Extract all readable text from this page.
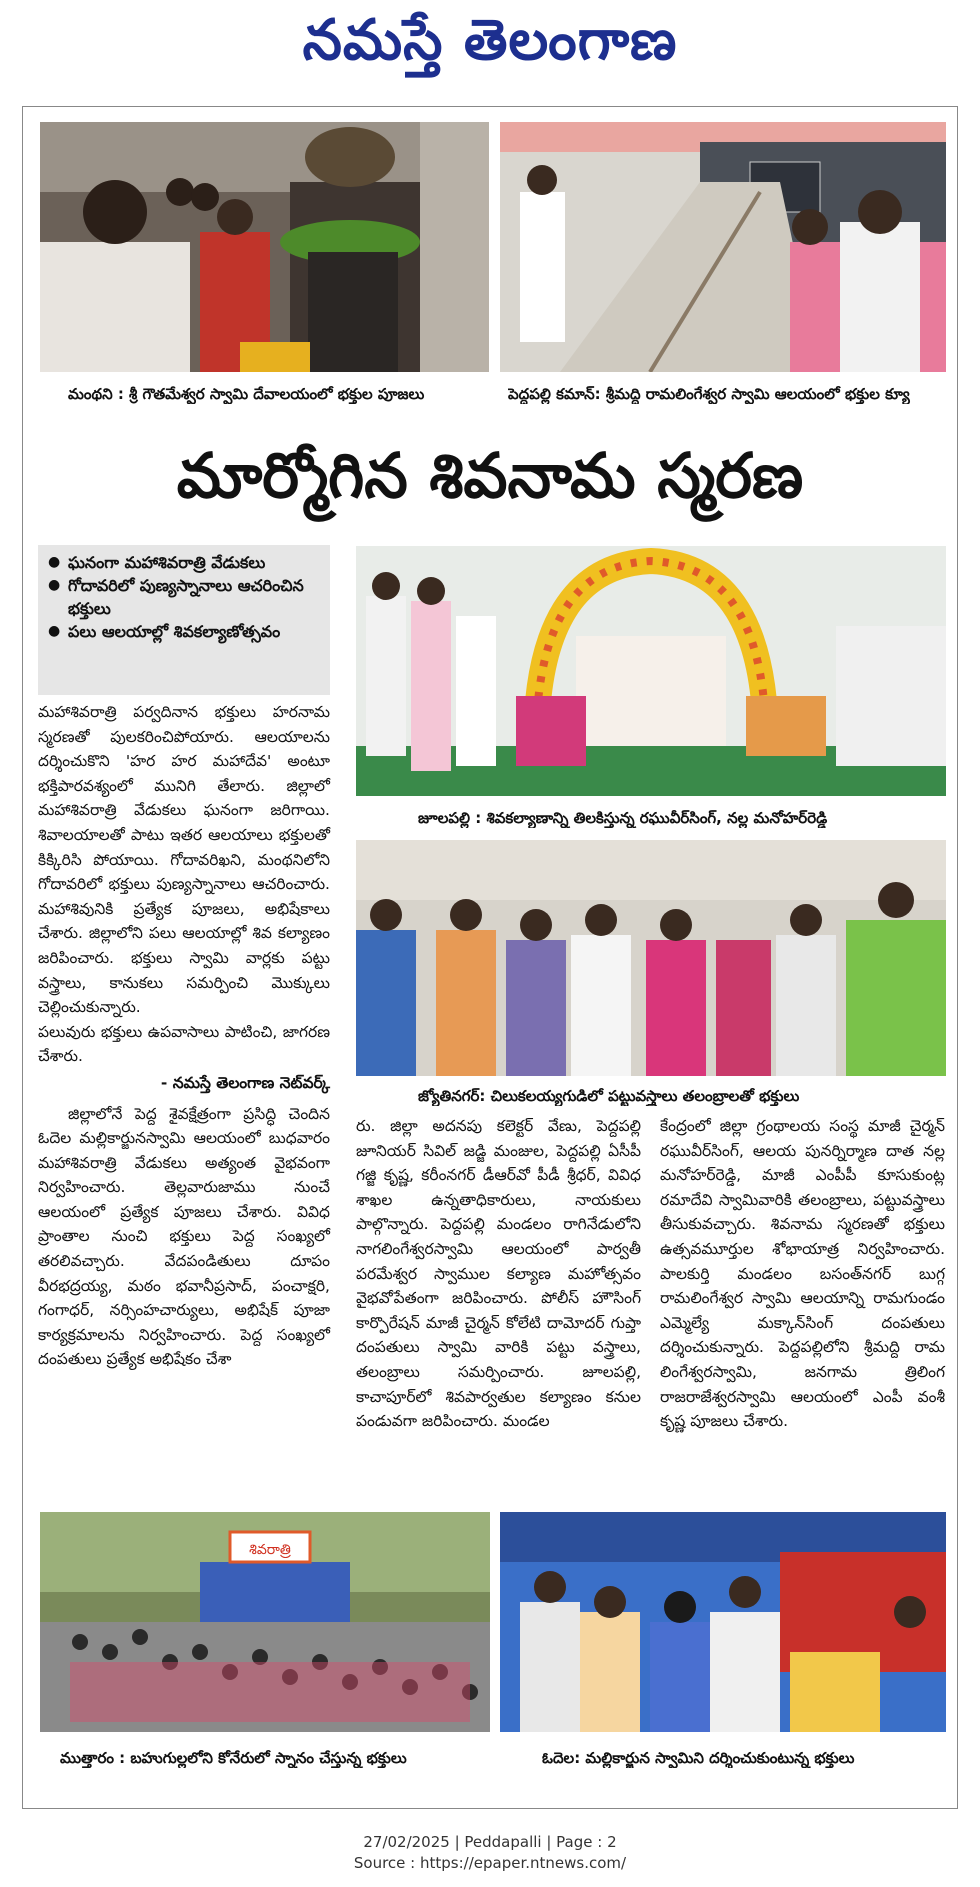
నమస్తే తెలంగాణ
మంథని : శ్రీ గౌతమేశ్వర స్వామి దేవాలయంలో భక్తుల పూజలు	పెద్దపల్లి కమాన్: శ్రీమద్ది రామలింగేశ్వర స్వామి ఆలయంలో భక్తుల క్యూ
మార్మోగిన శివనామ స్మరణ
● ఘనంగా మహాశివరాత్రి వేడుకలు
● గోదావరిలో పుణ్యస్నానాలు ఆచరించిన భక్తులు
● పలు ఆలయాల్లో శివకల్యాణోత్సవం
జూలపల్లి : శివకల్యాణాన్ని తిలకిస్తున్న రఘువీర్‌సింగ్, నల్ల మనోహర్‌రెడ్డి
జ్యోతినగర్: చిలుకలయ్యగుడిలో పట్టువస్త్రాలు తలంబ్రాలతో భక్తులు

మహాశివరాత్రి పర్వదినాన భక్తులు హరనామ స్మరణతో పులకరించిపోయారు. ఆలయాలను దర్శించుకొని 'హర హర మహాదేవ' అంటూ భక్తిపారవశ్యంలో మునిగి తేలారు. జిల్లాలో మహాశివరాత్రి వేడుకలు ఘనంగా జరిగాయి. శివాలయాలతో పాటు ఇతర ఆలయాలు భక్తులతో కిక్కిరిసి పోయాయి. గోదావరిఖని, మంథనిలోని గోదావరిలో భక్తులు పుణ్యస్నానాలు ఆచరించారు. మహాశివునికి ప్రత్యేక పూజలు, అభిషేకాలు చేశారు. జిల్లాలోని పలు ఆలయాల్లో శివ కల్యాణం జరిపించారు. భక్తులు స్వామి వార్లకు పట్టు వస్త్రాలు, కానుకలు సమర్పించి మొక్కులు చెల్లించుకున్నారు.

పలువురు భక్తులు ఉపవాసాలు పాటించి, జాగరణ చేశారు.

- నమస్తే తెలంగాణ నెట్‌వర్క్

జిల్లాలోనే పెద్ద శైవక్షేత్రంగా ప్రసిద్ధి చెందిన ఓదెల మల్లికార్జునస్వామి ఆలయంలో బుధవారం మహాశివరాత్రి వేడుకలు అత్యంత వైభవంగా నిర్వహించారు. తెల్లవారుజాము నుంచే ఆలయంలో ప్రత్యేక పూజలు చేశారు. వివిధ ప్రాంతాల నుంచి భక్తులు పెద్ద సంఖ్యలో తరలివచ్చారు. వేదపండితులు దూపం వీరభద్రయ్య, మఠం భవానీప్రసాద్, పంచాక్షరి, గంగాధర్, నర్సింహచార్యులు, అభిషేక్ పూజా కార్యక్రమాలను నిర్వహించారు. పెద్ద సంఖ్యలో దంపతులు ప్రత్యేక అభిషేకం చేశా

రు. జిల్లా అదనపు కలెక్టర్ వేణు, పెద్దపల్లి జూనియర్ సివిల్ జడ్జి మంజుల, పెద్దపల్లి ఏసీపీ గజ్జి కృష్ణ, కరీంనగర్ డీఆర్‌వో పీడీ శ్రీధర్, వివిధ శాఖల ఉన్నతాధికారులు, నాయకులు పాల్గొన్నారు. పెద్దపల్లి మండలం రాగినేడులోని నాగలింగేశ్వరస్వామి ఆలయంలో పార్వతీ పరమేశ్వర స్వాముల కల్యాణ మహోత్సవం వైభవోపేతంగా జరిపించారు. పోలీస్ హౌసింగ్ కార్పొరేషన్ మాజీ చైర్మన్ కోలేటి దామోదర్ గుప్తా దంపతులు స్వామి వారికి పట్టు వస్త్రాలు, తలంబ్రాలు సమర్పించారు. జూలపల్లి, కాచాపూర్‌లో శివపార్వతుల కల్యాణం కనుల పండువగా జరిపించారు. మండల

కేంద్రంలో జిల్లా గ్రంథాలయ సంస్థ మాజీ చైర్మన్ రఘువీర్‌సింగ్, ఆలయ పునర్నిర్మాణ దాత నల్ల మనోహర్‌రెడ్డి, మాజీ ఎంపీపీ కూసుకుంట్ల రమాదేవి స్వామివారికి తలంబ్రాలు, పట్టువస్త్రాలు తీసుకువచ్చారు. శివనామ స్మరణతో భక్తులు ఉత్సవమూర్తుల శోభాయాత్ర నిర్వహించారు. పాలకుర్తి మండలం బసంత్‌నగర్ బుగ్గ రామలింగేశ్వర స్వామి ఆలయాన్ని రామగుండం ఎమ్మెల్యే మక్కాన్‌సింగ్ దంపతులు దర్శించుకున్నారు. పెద్దపల్లిలోని శ్రీమద్ది రామ లింగేశ్వరస్వామి, జనగామ త్రిలింగ రాజరాజేశ్వరస్వామి ఆలయంలో ఎంపీ వంశీ కృష్ణ పూజలు చేశారు.

శివరాత్రి
ముత్తారం : బహుగుల్లలోని కోనేరులో స్నానం చేస్తున్న భక్తులు	ఓదెల: మల్లికార్జున స్వామిని దర్శించుకుంటున్న భక్తులు
27/02/2025 | Peddapalli | Page : 2
Source : https://epaper.ntnews.com/
